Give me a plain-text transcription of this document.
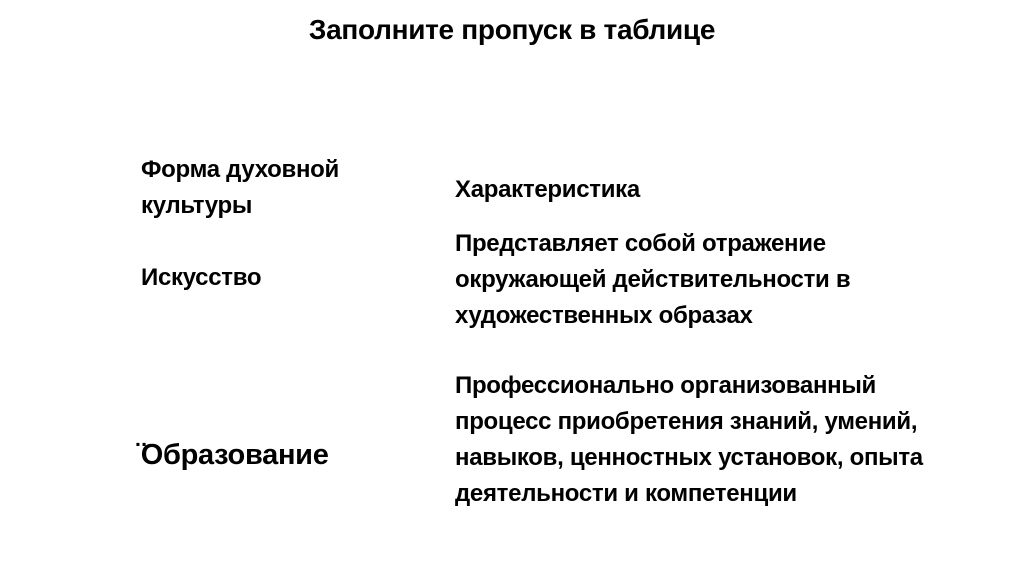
Заполните пропуск в таблице
Форма духовной культуры
Характеристика
Искусство
Представляет собой отражение окружающей действительности в художественных образах
̈Образование
Профессионально организованный процесс приобретения знаний, умений, навыков, ценностных установок, опыта деятельности и компетенции
